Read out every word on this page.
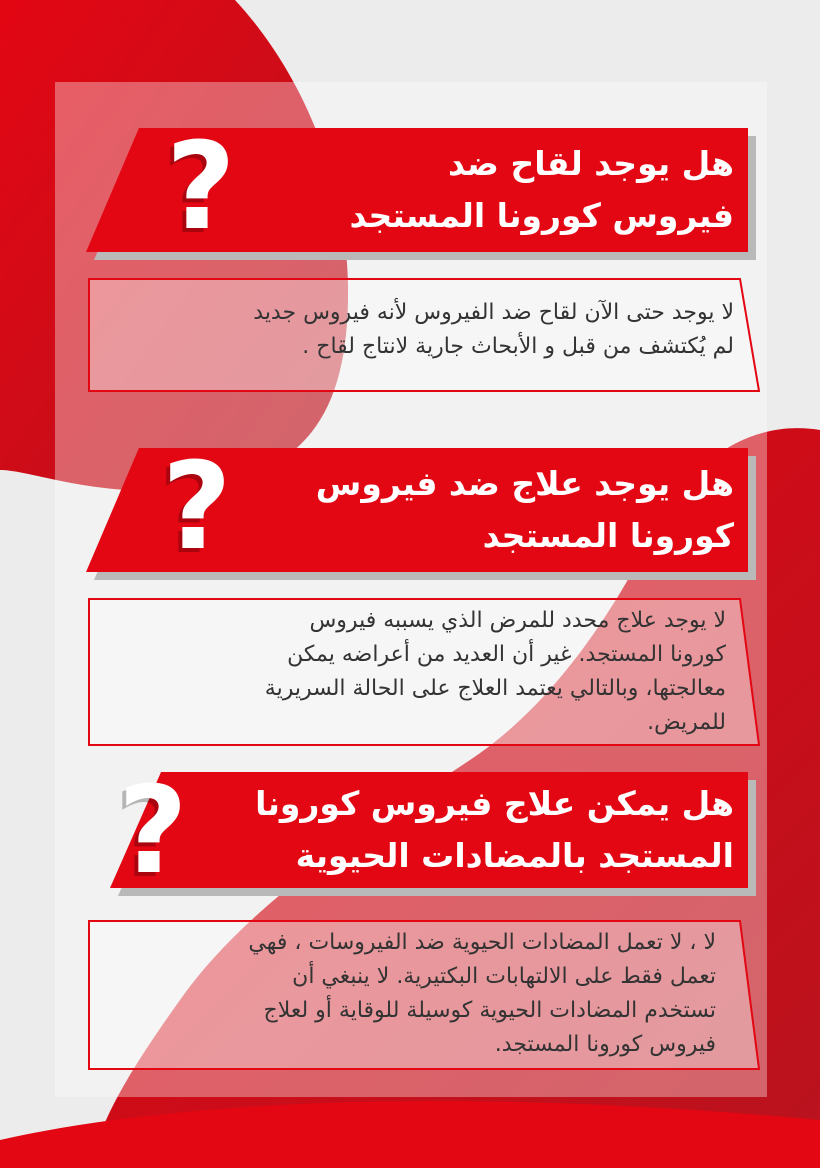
?	هل يوجد لقاح ضد
فيروس كورونا المستجد
لا يوجد حتى الآن لقاح ضد الفيروس لأنه فيروس جديد
لم يُكتشف من قبل و الأبحاث جارية لانتاج لقاح .
?	هل يوجد علاج ضد فيروس
كورونا المستجد
لا يوجد علاج محدد للمرض الذي يسببه فيروس
كورونا المستجد. غير أن العديد من أعراضه يمكن
معالجتها، وبالتالي يعتمد العلاج على الحالة السريرية
للمريض.
? هل يمكن علاج فيروس كورونا
المستجد بالمضادات الحيوية
لا ، لا تعمل المضادات الحيوية ضد الفيروسات ، فهي
تعمل فقط على الالتهابات البكتيرية. لا ينبغي أن
تستخدم المضادات الحيوية كوسيلة للوقاية أو لعلاج
فيروس كورونا المستجد.
